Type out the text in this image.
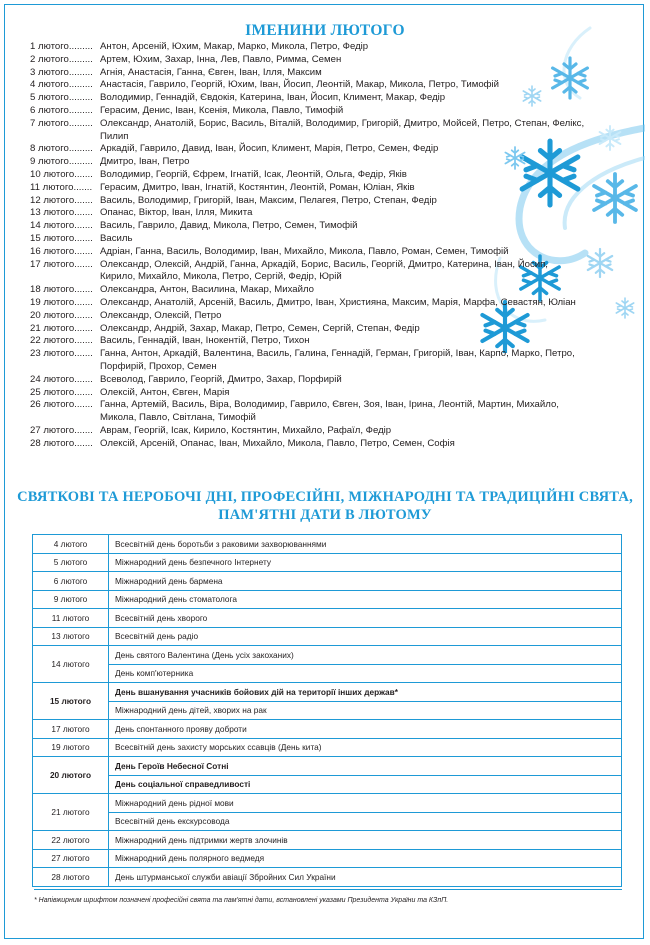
ІМЕНИНИ ЛЮТОГО
1 лютого......... Антон, Арсеній, Юхим, Макар, Марко, Микола, Петро, Федір
2 лютого......... Артем, Юхим, Захар, Інна, Лев, Павло, Римма, Семен
3 лютого......... Агнія, Анастасія, Ганна, Євген, Іван, Ілля, Максим
4 лютого......... Анастасія, Гаврило, Георгій, Юхим, Іван, Йосип, Леонтій, Макар, Микола, Петро, Тимофій
5 лютого......... Володимир, Геннадій, Євдокія, Катерина, Іван, Йосип, Климент, Макар, Федір
6 лютого......... Герасим, Денис, Іван, Ксенія, Микола, Павло, Тимофій
7 лютого......... Олександр, Анатолій, Борис, Василь, Віталій, Володимир, Григорій, Дмитро, Мойсей, Петро, Степан, Фелікс, Пилип
8 лютого......... Аркадій, Гаврило, Давид, Іван, Йосип, Климент, Марія, Петро, Семен, Федір
9 лютого......... Дмитро, Іван, Петро
10 лютого....... Володимир, Георгій, Єфрем, Ігнатій, Ісак, Леонтій, Ольга, Федір, Яків
11 лютого....... Герасим, Дмитро, Іван, Ігнатій, Костянтин, Леонтій, Роман, Юліан, Яків
12 лютого....... Василь, Володимир, Григорій, Іван, Максим, Пелагея, Петро, Степан, Федір
13 лютого....... Опанас, Віктор, Іван, Ілля, Микита
14 лютого....... Василь, Гаврило, Давид, Микола, Петро, Семен, Тимофій
15 лютого....... Василь
16 лютого....... Адріан, Ганна, Василь, Володимир, Іван, Михайло, Микола, Павло, Роман, Семен, Тимофій
17 лютого....... Олександр, Олексій, Андрій, Ганна, Аркадій, Борис, Василь, Георгій, Дмитро, Катерина, Іван, Йосип, Кирило, Михайло, Микола, Петро, Сергій, Федір, Юрій
18 лютого....... Олександра, Антон, Василина, Макар, Михайло
19 лютого....... Олександр, Анатолій, Арсеній, Василь, Дмитро, Іван, Християна, Максим, Марія, Марфа, Севастян, Юліан
20 лютого....... Олександр, Олексій, Петро
21 лютого....... Олександр, Андрій, Захар, Макар, Петро, Семен, Сергій, Степан, Федір
22 лютого....... Василь, Геннадій, Іван, Інокентій, Петро, Тихон
23 лютого....... Ганна, Антон, Аркадій, Валентина, Василь, Галина, Геннадій, Герман, Григорій, Іван, Карпо, Марко, Петро, Порфирій, Прохор, Семен
24 лютого....... Всеволод, Гаврило, Георгій, Дмитро, Захар, Порфирій
25 лютого....... Олексій, Антон, Євген, Марія
26 лютого....... Ганна, Артемій, Василь, Віра, Володимир, Гаврило, Євген, Зоя, Іван, Ірина, Леонтій, Мартин, Михайло, Микола, Павло, Світлана, Тимофій
27 лютого....... Аврам, Георгій, Ісак, Кирило, Костянтин, Михайло, Рафаїл, Федір
28 лютого....... Олексій, Арсеній, Опанас, Іван, Михайло, Микола, Павло, Петро, Семен, Софія
СВЯТКОВІ ТА НЕРОБОЧІ ДНІ, ПРОФЕСІЙНІ, МІЖНАРОДНІ ТА ТРАДИЦІЙНІ СВЯТА,
ПАМ'ЯТНІ ДАТИ В ЛЮТОМУ
4 лютого	Всесвітній день боротьби з раковими захворюваннями
5 лютого	Міжнародний день безпечного Інтернету
6 лютого	Міжнародний день бармена
9 лютого	Міжнародний день стоматолога
11 лютого	Всесвітній день хворого
13 лютого	Всесвітній день радіо
14 лютого	День святого Валентина (День усіх закоханих)
	День комп'ютерника
15 лютого	День вшанування учасників бойових дій на території інших держав*
	Міжнародний день дітей, хворих на рак
17 лютого	День спонтанного прояву доброти
19 лютого	Всесвітній день захисту морських ссавців (День кита)
20 лютого	День Героїв Небесної Сотні
	День соціальної справедливості
21 лютого	Міжнародний день рідної мови
	Всесвітній день екскурсовода
22 лютого	Міжнародний день підтримки жертв злочинів
27 лютого	Міжнародний день полярного ведмедя
28 лютого	День штурманської служби авіації Збройних Сил України
* Напівжирним шрифтом позначені професійні свята та пам'ятні дати, встановлені указами Президента України та КЗпП.
